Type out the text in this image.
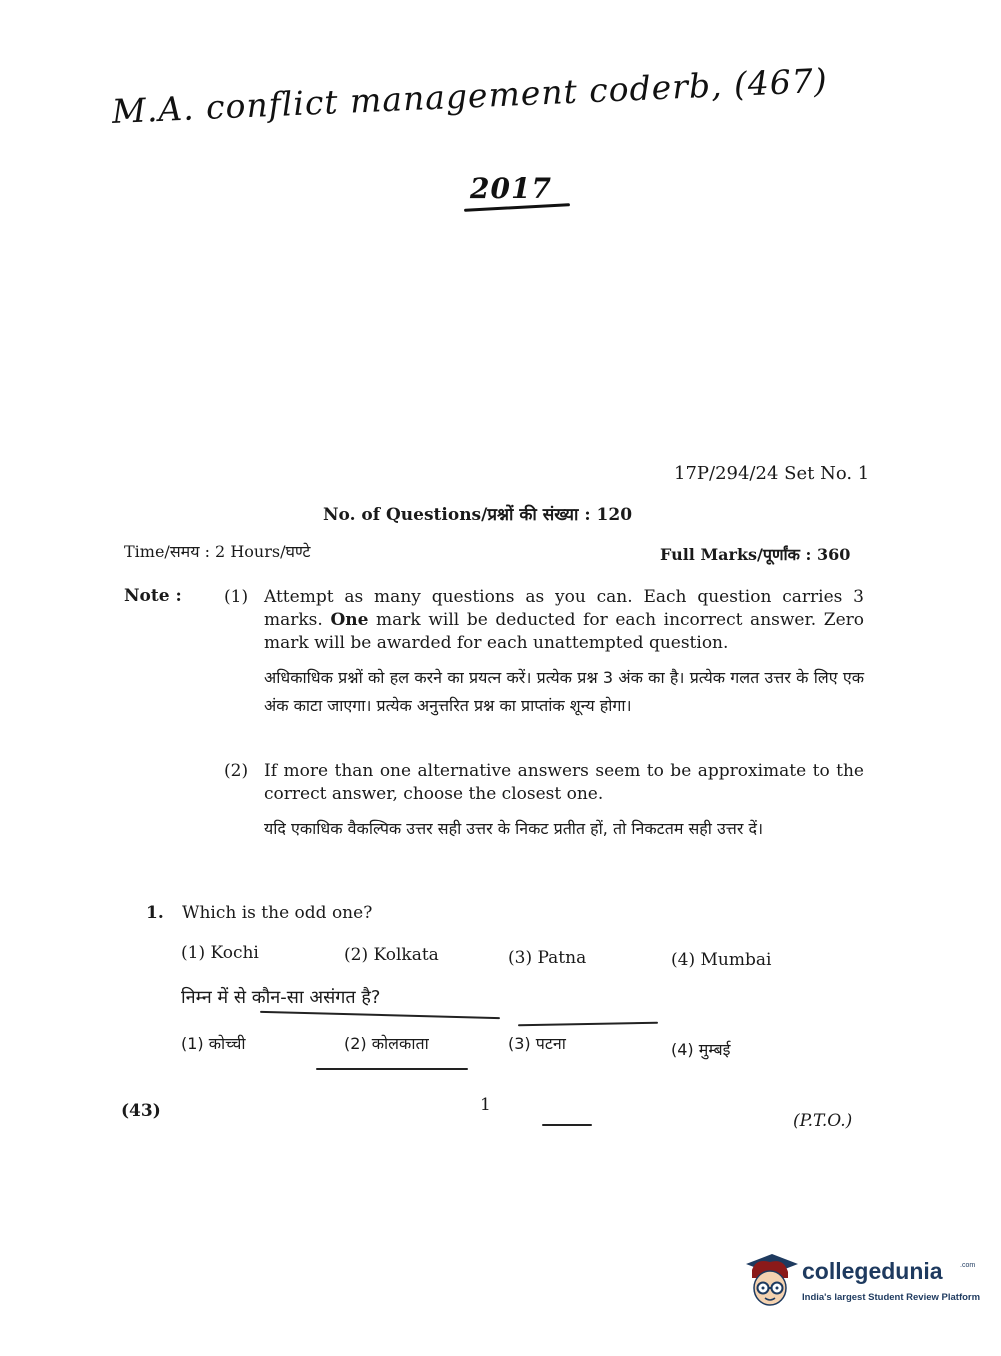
M.A. conflict management coderb, (467)
2017
17P/294/24 Set No. 1
No. of Questions/प्रश्नों की संख्या : 120
Time/समय : 2 Hours/घण्टे	Full Marks/पूर्णांक : 360
Note : (1) Attempt as many questions as you can. Each question carries 3 marks. One mark will be deducted for each incorrect answer. Zero mark will be awarded for each unattempted question.
अधिकाधिक प्रश्नों को हल करने का प्रयत्न करें। प्रत्येक प्रश्न 3 अंक का है। प्रत्येक गलत उत्तर के लिए एक अंक काटा जाएगा। प्रत्येक अनुत्तरित प्रश्न का प्राप्तांक शून्य होगा।
(2) If more than one alternative answers seem to be approximate to the correct answer, choose the closest one.
यदि एकाधिक वैकल्पिक उत्तर सही उत्तर के निकट प्रतीत हों, तो निकटतम सही उत्तर दें।
1. Which is the odd one?
(1) Kochi	(2) Kolkata	(3) Patna	(4) Mumbai
निम्न में से कौन-सा असंगत है?
(1) कोच्ची	(2) कोलकाता	(3) पटना	(4) मुम्बई
(43)	1
(P.T.O.)
collegedunia .com
India's largest Student Review Platform
